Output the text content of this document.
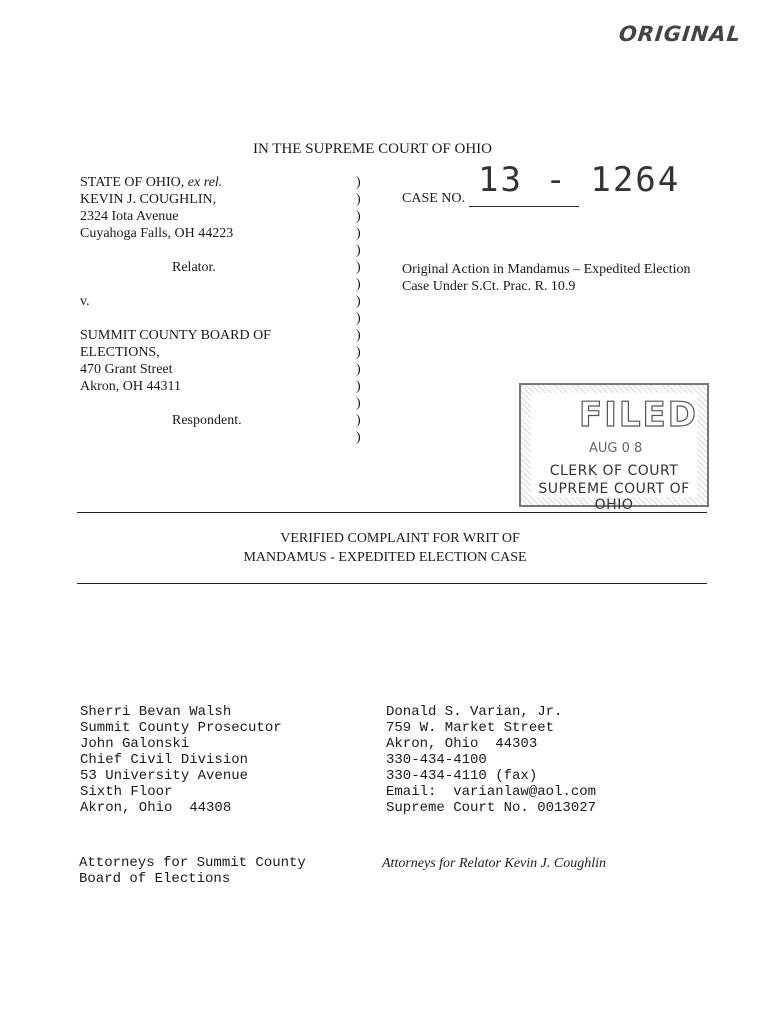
ORIGINAL
IN THE SUPREME COURT OF OHIO
13 - 1264
STATE OF OHIO, ex rel.
KEVIN J. COUGHLIN,
2324 Iota Avenue
Cuyahoga Falls, OH 44223
Relator.
v.
SUMMIT COUNTY BOARD OF
ELECTIONS,
470 Grant Street
Akron, OH 44311
Respondent.
)
)
)
)
)
)
)
)
)
)
)
)
)
)
)
)
CASE NO.
Original Action in Mandamus – Expedited Election Case Under S.Ct. Prac. R. 10.9
FILED
AUG 0 8
CLERK OF COURT
SUPREME COURT OF OHIO
VERIFIED COMPLAINT FOR WRIT OF
MANDAMUS - EXPEDITED ELECTION CASE
Sherri Bevan Walsh
Summit County Prosecutor
John Galonski
Chief Civil Division
53 University Avenue
Sixth Floor
Akron, Ohio  44308
Donald S. Varian, Jr.
759 W. Market Street
Akron, Ohio  44303
330-434-4100
330-434-4110 (fax)
Email:  varianlaw@aol.com
Supreme Court No. 0013027
Attorneys for Summit County
Board of Elections
Attorneys for Relator Kevin J. Coughlin
